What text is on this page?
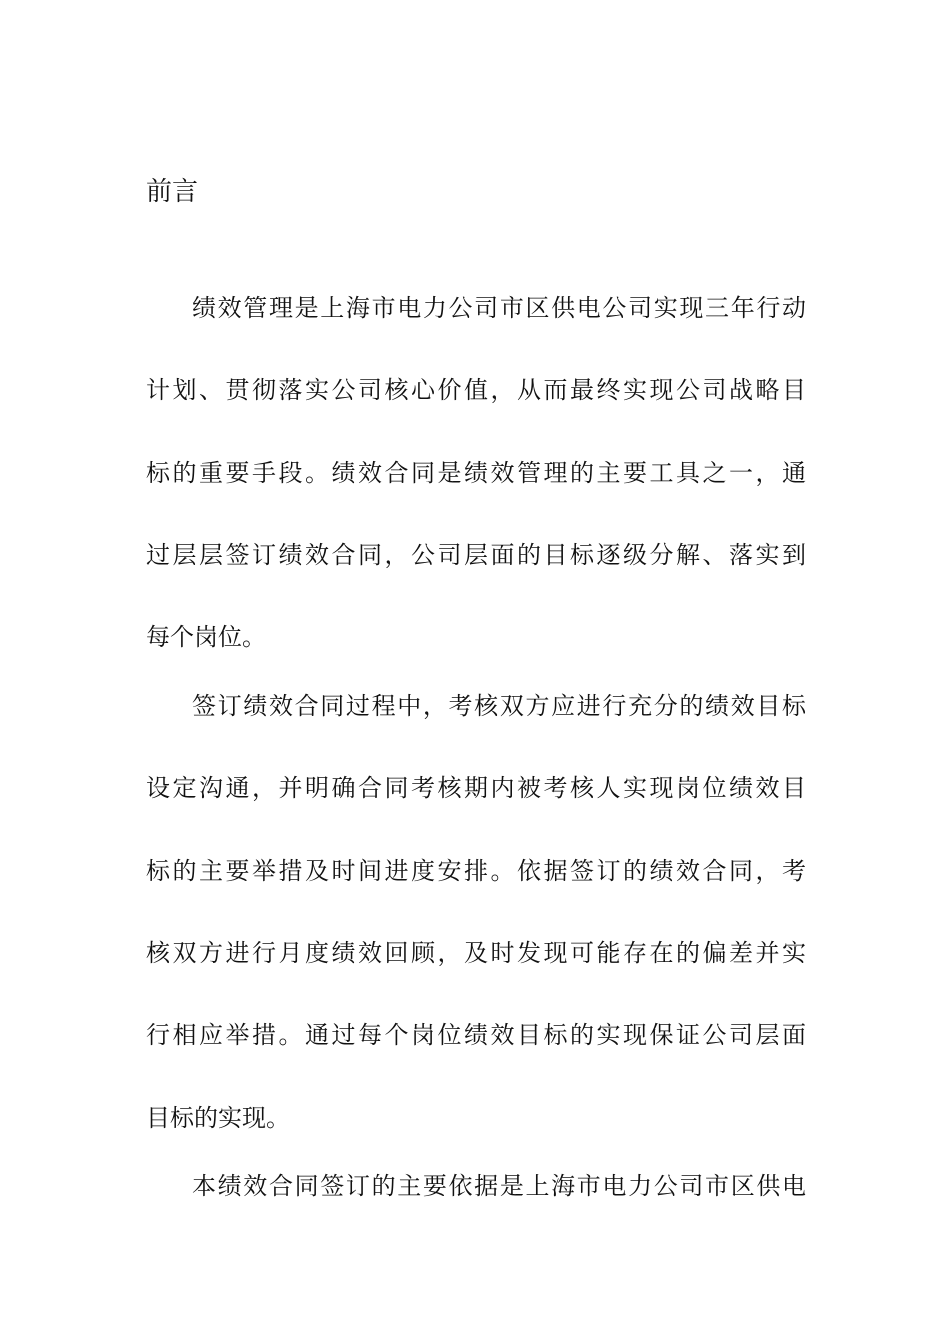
前言
绩效管理是上海市电力公司市区供电公司实现三年行动
计划、贯彻落实公司核心价值，从而最终实现公司战略目
标的重要手段。绩效合同是绩效管理的主要工具之一，通
过层层签订绩效合同，公司层面的目标逐级分解、落实到
每个岗位。
签订绩效合同过程中，考核双方应进行充分的绩效目标
设定沟通，并明确合同考核期内被考核人实现岗位绩效目
标的主要举措及时间进度安排。依据签订的绩效合同，考
核双方进行月度绩效回顾，及时发现可能存在的偏差并实
行相应举措。通过每个岗位绩效目标的实现保证公司层面
目标的实现。
本绩效合同签订的主要依据是上海市电力公司市区供电
